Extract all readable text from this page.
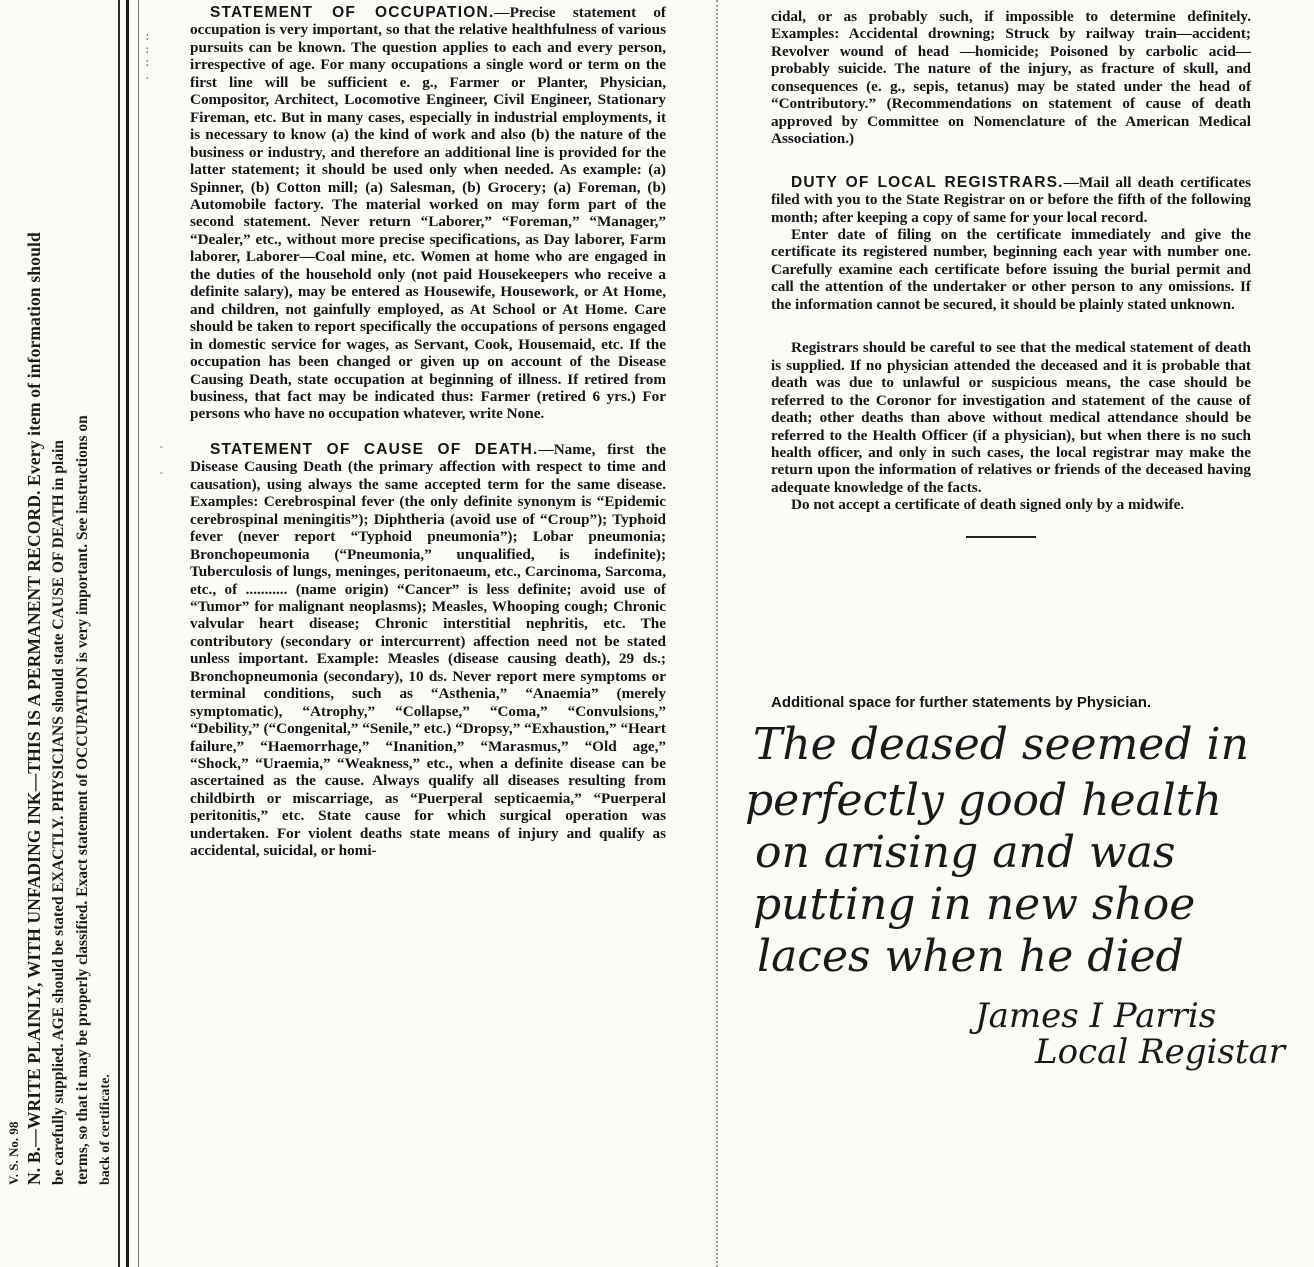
V. S. No. 98 N. B.—WRITE PLAINLY, WITH UNFADING INK—THIS IS A PERMANENT RECORD. Every item of information should be carefully supplied. AGE should be stated EXACTLY. PHYSICIANS should state CAUSE OF DEATH in plain terms, so that it may be properly classified. Exact statement of OCCUPATION is very important. See instructions on back of certificate.
:
:
:
.
-

-

STATEMENT OF OCCUPATION.—Precise statement of occupation is very important, so that the relative healthfulness of various pursuits can be known. The question applies to each and every person, irrespective of age. For many occupations a single word or term on the first line will be sufficient e. g., Farmer or Planter, Physician, Compositor, Architect, Locomotive Engineer, Civil Engineer, Stationary Fireman, etc. But in many cases, especially in industrial employments, it is necessary to know (a) the kind of work and also (b) the nature of the business or industry, and therefore an additional line is provided for the latter statement; it should be used only when needed. As example: (a) Spinner, (b) Cotton mill; (a) Salesman, (b) Grocery; (a) Foreman, (b) Automobile factory. The material worked on may form part of the second statement. Never return “Laborer,” “Foreman,” “Manager,” “Dealer,” etc., without more precise specifications, as Day laborer, Farm laborer, Laborer—Coal mine, etc. Women at home who are engaged in the duties of the household only (not paid Housekeepers who receive a definite salary), may be entered as Housewife, Housework, or At Home, and children, not gainfully employed, as At School or At Home. Care should be taken to report specifically the occupations of persons engaged in domestic service for wages, as Servant, Cook, Housemaid, etc. If the occupation has been changed or given up on account of the Disease Causing Death, state occupation at beginning of illness. If retired from business, that fact may be indicated thus: Farmer (retired 6 yrs.) For persons who have no occupation whatever, write None.

STATEMENT OF CAUSE OF DEATH.—Name, first the Disease Causing Death (the primary affection with respect to time and causation), using always the same accepted term for the same disease. Examples: Cerebrospinal fever (the only definite synonym is “Epidemic cerebrospinal meningitis”); Diphtheria (avoid use of “Croup”); Typhoid fever (never report “Typhoid pneumonia”); Lobar pneumonia; Bronchopeumonia (“Pneumonia,” unqualified, is indefinite); Tuberculosis of lungs, meninges, peritonaeum, etc., Carcinoma, Sarcoma, etc., of ........... (name origin) “Cancer” is less definite; avoid use of “Tumor” for malignant neoplasms); Measles, Whooping cough; Chronic valvular heart disease; Chronic interstitial nephritis, etc. The contributory (secondary or intercurrent) affection need not be stated unless important. Example: Measles (disease causing death), 29 ds.; Bronchopneumonia (secondary), 10 ds. Never report mere symptoms or terminal conditions, such as “Asthenia,” “Anaemia” (merely symptomatic), “Atrophy,” “Collapse,” “Coma,” “Convulsions,” “Debility,” (“Congenital,” “Senile,” etc.) “Dropsy,” “Exhaustion,” “Heart failure,” “Haemorrhage,” “Inanition,” “Marasmus,” “Old age,” “Shock,” “Uraemia,” “Weakness,” etc., when a definite disease can be ascertained as the cause. Always qualify all diseases resulting from childbirth or miscarriage, as “Puerperal septicaemia,” “Puerperal peritonitis,” etc. State cause for which surgical operation was undertaken. For violent deaths state means of injury and qualify as accidental, suicidal, or homi-

cidal, or as probably such, if impossible to determine definitely. Examples: Accidental drowning; Struck by railway train—accident; Revolver wound of head —homicide; Poisoned by carbolic acid—probably suicide. The nature of the injury, as fracture of skull, and consequences (e. g., sepis, tetanus) may be stated under the head of “Contributory.” (Recommendations on statement of cause of death approved by Committee on Nomenclature of the American Medical Association.)

DUTY OF LOCAL REGISTRARS.—Mail all death certificates filed with you to the State Registrar on or before the fifth of the following month; after keeping a copy of same for your local record.

Enter date of filing on the certificate immediately and give the certificate its registered number, beginning each year with number one. Carefully examine each certificate before issuing the burial permit and call the attention of the undertaker or other person to any omissions. If the information cannot be secured, it should be plainly stated unknown.

Registrars should be careful to see that the medical statement of death is supplied. If no physician attended the deceased and it is probable that death was due to unlawful or suspicious means, the case should be referred to the Coronor for investigation and statement of the cause of death; other deaths than above without medical attendance should be referred to the Health Officer (if a physician), but when there is no such health officer, and only in such cases, the local registrar may make the return upon the information of relatives or friends of the deceased having adequate knowledge of the facts.

Do not accept a certificate of death signed only by a midwife.

Additional space for further statements by Physician.
The deased seemed in
perfectly good health
on arising and was
putting in new shoe
laces when he died
James I Parris
Local Registar
